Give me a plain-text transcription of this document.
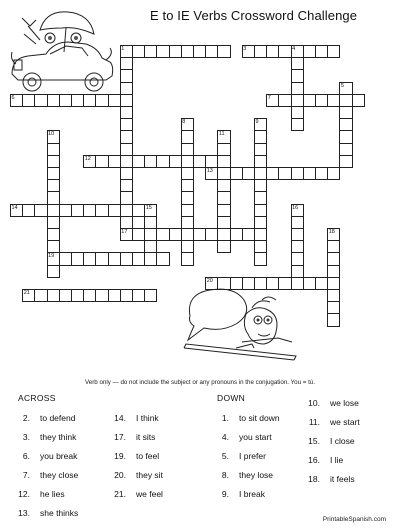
E to IE Verbs Crossword Challenge
1	3	4
5
6	7
8	9
10	11
12
13
14	15	16
17	18
19
20
21
Verb only — do not include the subject or any pronouns in the conjugation. You = tú.
ACROSS	DOWN
2. to defend
3. they think
6. you break
7. they close
12. he lies
13. she thinks
14. I think
17. it sits
19. to feel
20. they sit
21. we feel
1. to sit down
4. you start
5. I prefer
8. they lose
9. I break
10. we lose
11. we start
15. I close
16. I lie
18. it feels
PrintableSpanish.com
